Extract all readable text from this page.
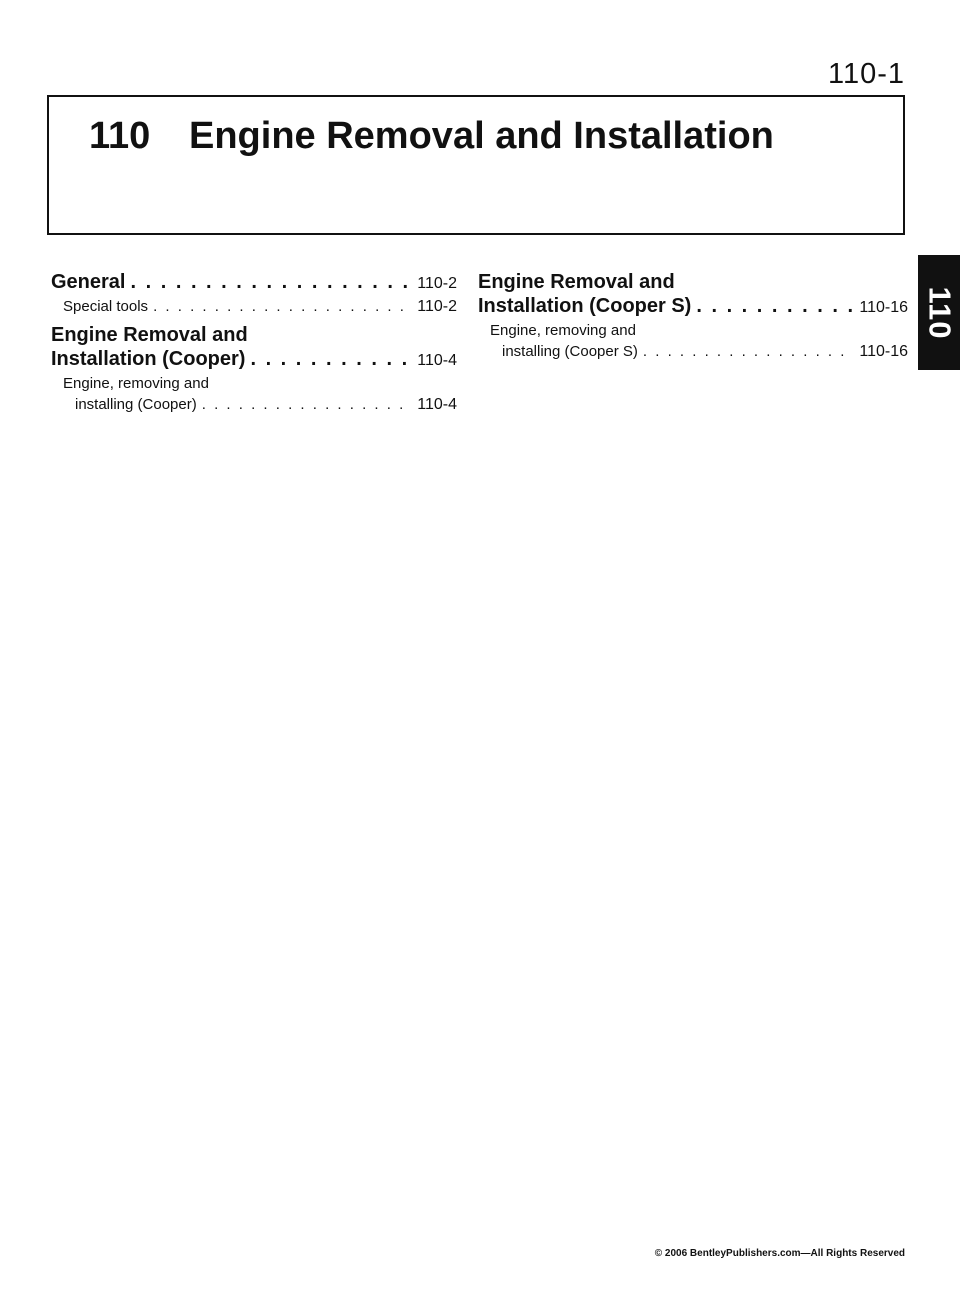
110-1
110 Engine Removal and Installation
110
General . . .	110-2
Special tools . . .	110-2
Engine Removal and
Installation (Cooper) . . .	110-4
Engine, removing and
installing (Cooper) . . .	110-4
Engine Removal and
Installation (Cooper S) . . .	110-16
Engine, removing and
installing (Cooper S) . . .	110-16
© 2006 BentleyPublishers.com—All Rights Reserved
